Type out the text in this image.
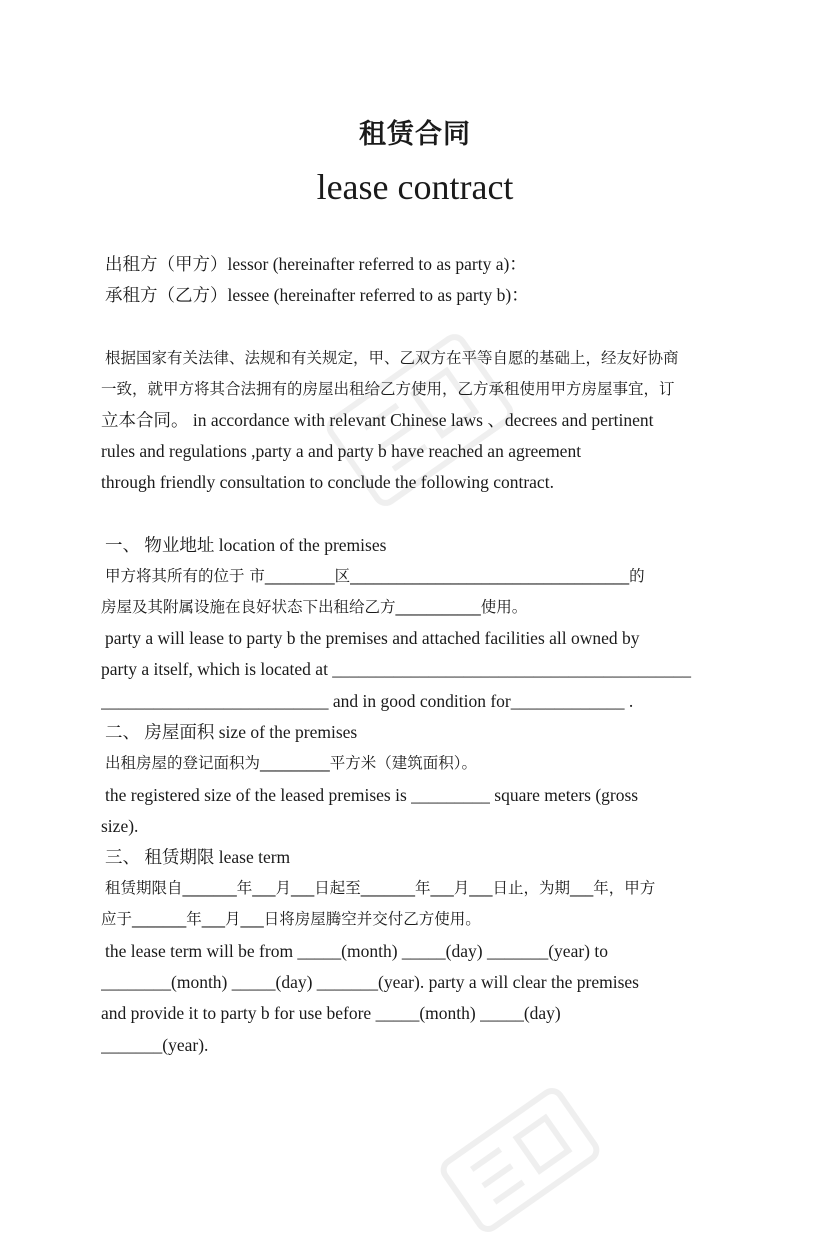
租赁合同
lease contract
出租方（甲方）lessor (hereinafter referred to as party a)：
承租方（乙方）lessee (hereinafter referred to as party b)：
根据国家有关法律、法规和有关规定，甲、乙双方在平等自愿的基础上，经友好协商
一致，就甲方将其合法拥有的房屋出租给乙方使用，乙方承租使用甲方房屋事宜，订
立本合同。 in accordance with relevant Chinese laws 、decrees and pertinent
rules and regulations ,party a and party b have reached an agreement
through friendly consultation to conclude the following contract.
一、 物业地址 location of the premises
甲方将其所有的位于 市_________区____________________________________的
房屋及其附属设施在良好状态下出租给乙方___________使用。
party a will lease to party b the premises and attached facilities all owned by
party a itself, which is located at _________________________________________
__________________________ and in good condition for_____________ .
二、 房屋面积 size of the premises
出租房屋的登记面积为_________平方米（建筑面积）。
the registered size of the leased premises is _________ square meters (gross
size).
三、 租赁期限 lease term
租赁期限自_______年___月___日起至_______年___月___日止，为期___年，甲方
应于_______年___月___日将房屋腾空并交付乙方使用。
the lease term will be from _____(month) _____(day) _______(year) to
________(month) _____(day) _______(year). party a will clear the premises
and provide it to party b for use before _____(month) _____(day)
_______(year).
